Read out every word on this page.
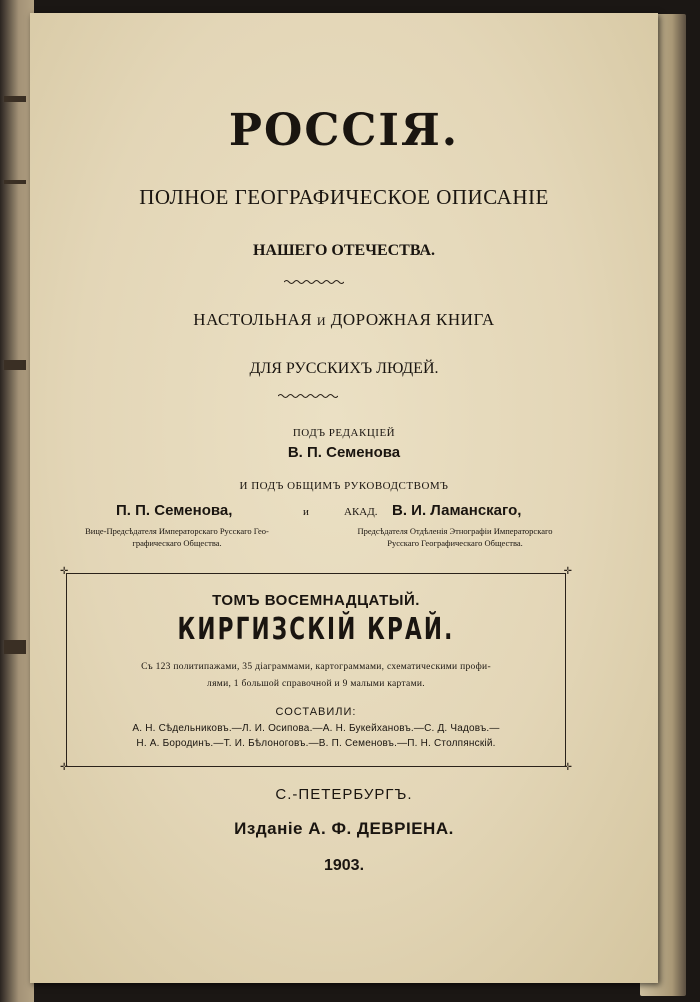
РОССІЯ.
ПОЛНОЕ ГЕОГРАФИЧЕСКОЕ ОПИСАНІЕ
НАШЕГО ОТЕЧЕСТВА.
НАСТОЛЬНАЯ и ДОРОЖНАЯ КНИГА
ДЛЯ РУССКИХЪ ЛЮДЕЙ.
ПОДЪ РЕДАКЦІЕЙ
В. П. Семенова
И ПОДЪ ОБЩИМЪ РУКОВОДСТВОМЪ
П. П. Семенова,	и	АКАД. В. И. Ламанскаго,
Вице-Предсѣдателя Императорскаго Русскаго Гео-
графическаго Общества.
Предсѣдателя Отдѣленія Этнографіи Императорскаго
Русскаго Географическаго Общества.
✛	✛
✛	✛
ТОМЪ ВОСЕМНАДЦАТЫЙ.
КИРГИЗСКІЙ КРАЙ.
Съ 123 политипажами, 35 діаграммами, картограммами, схематическими профи-
лями, 1 большой справочной и 9 малыми картами.
СОСТАВИЛИ:
А. Н. Сѣдельниковъ.—Л. И. Осипова.—А. Н. Букейхановъ.—С. Д. Чадовъ.—
Н. А. Бородинъ.—Т. И. Бѣлоноговъ.—В. П. Семеновъ.—П. Н. Столпянскій.
С.-ПЕТЕРБУРГЪ.
Изданіе А. Ф. ДЕВРІЕНА.
1903.
